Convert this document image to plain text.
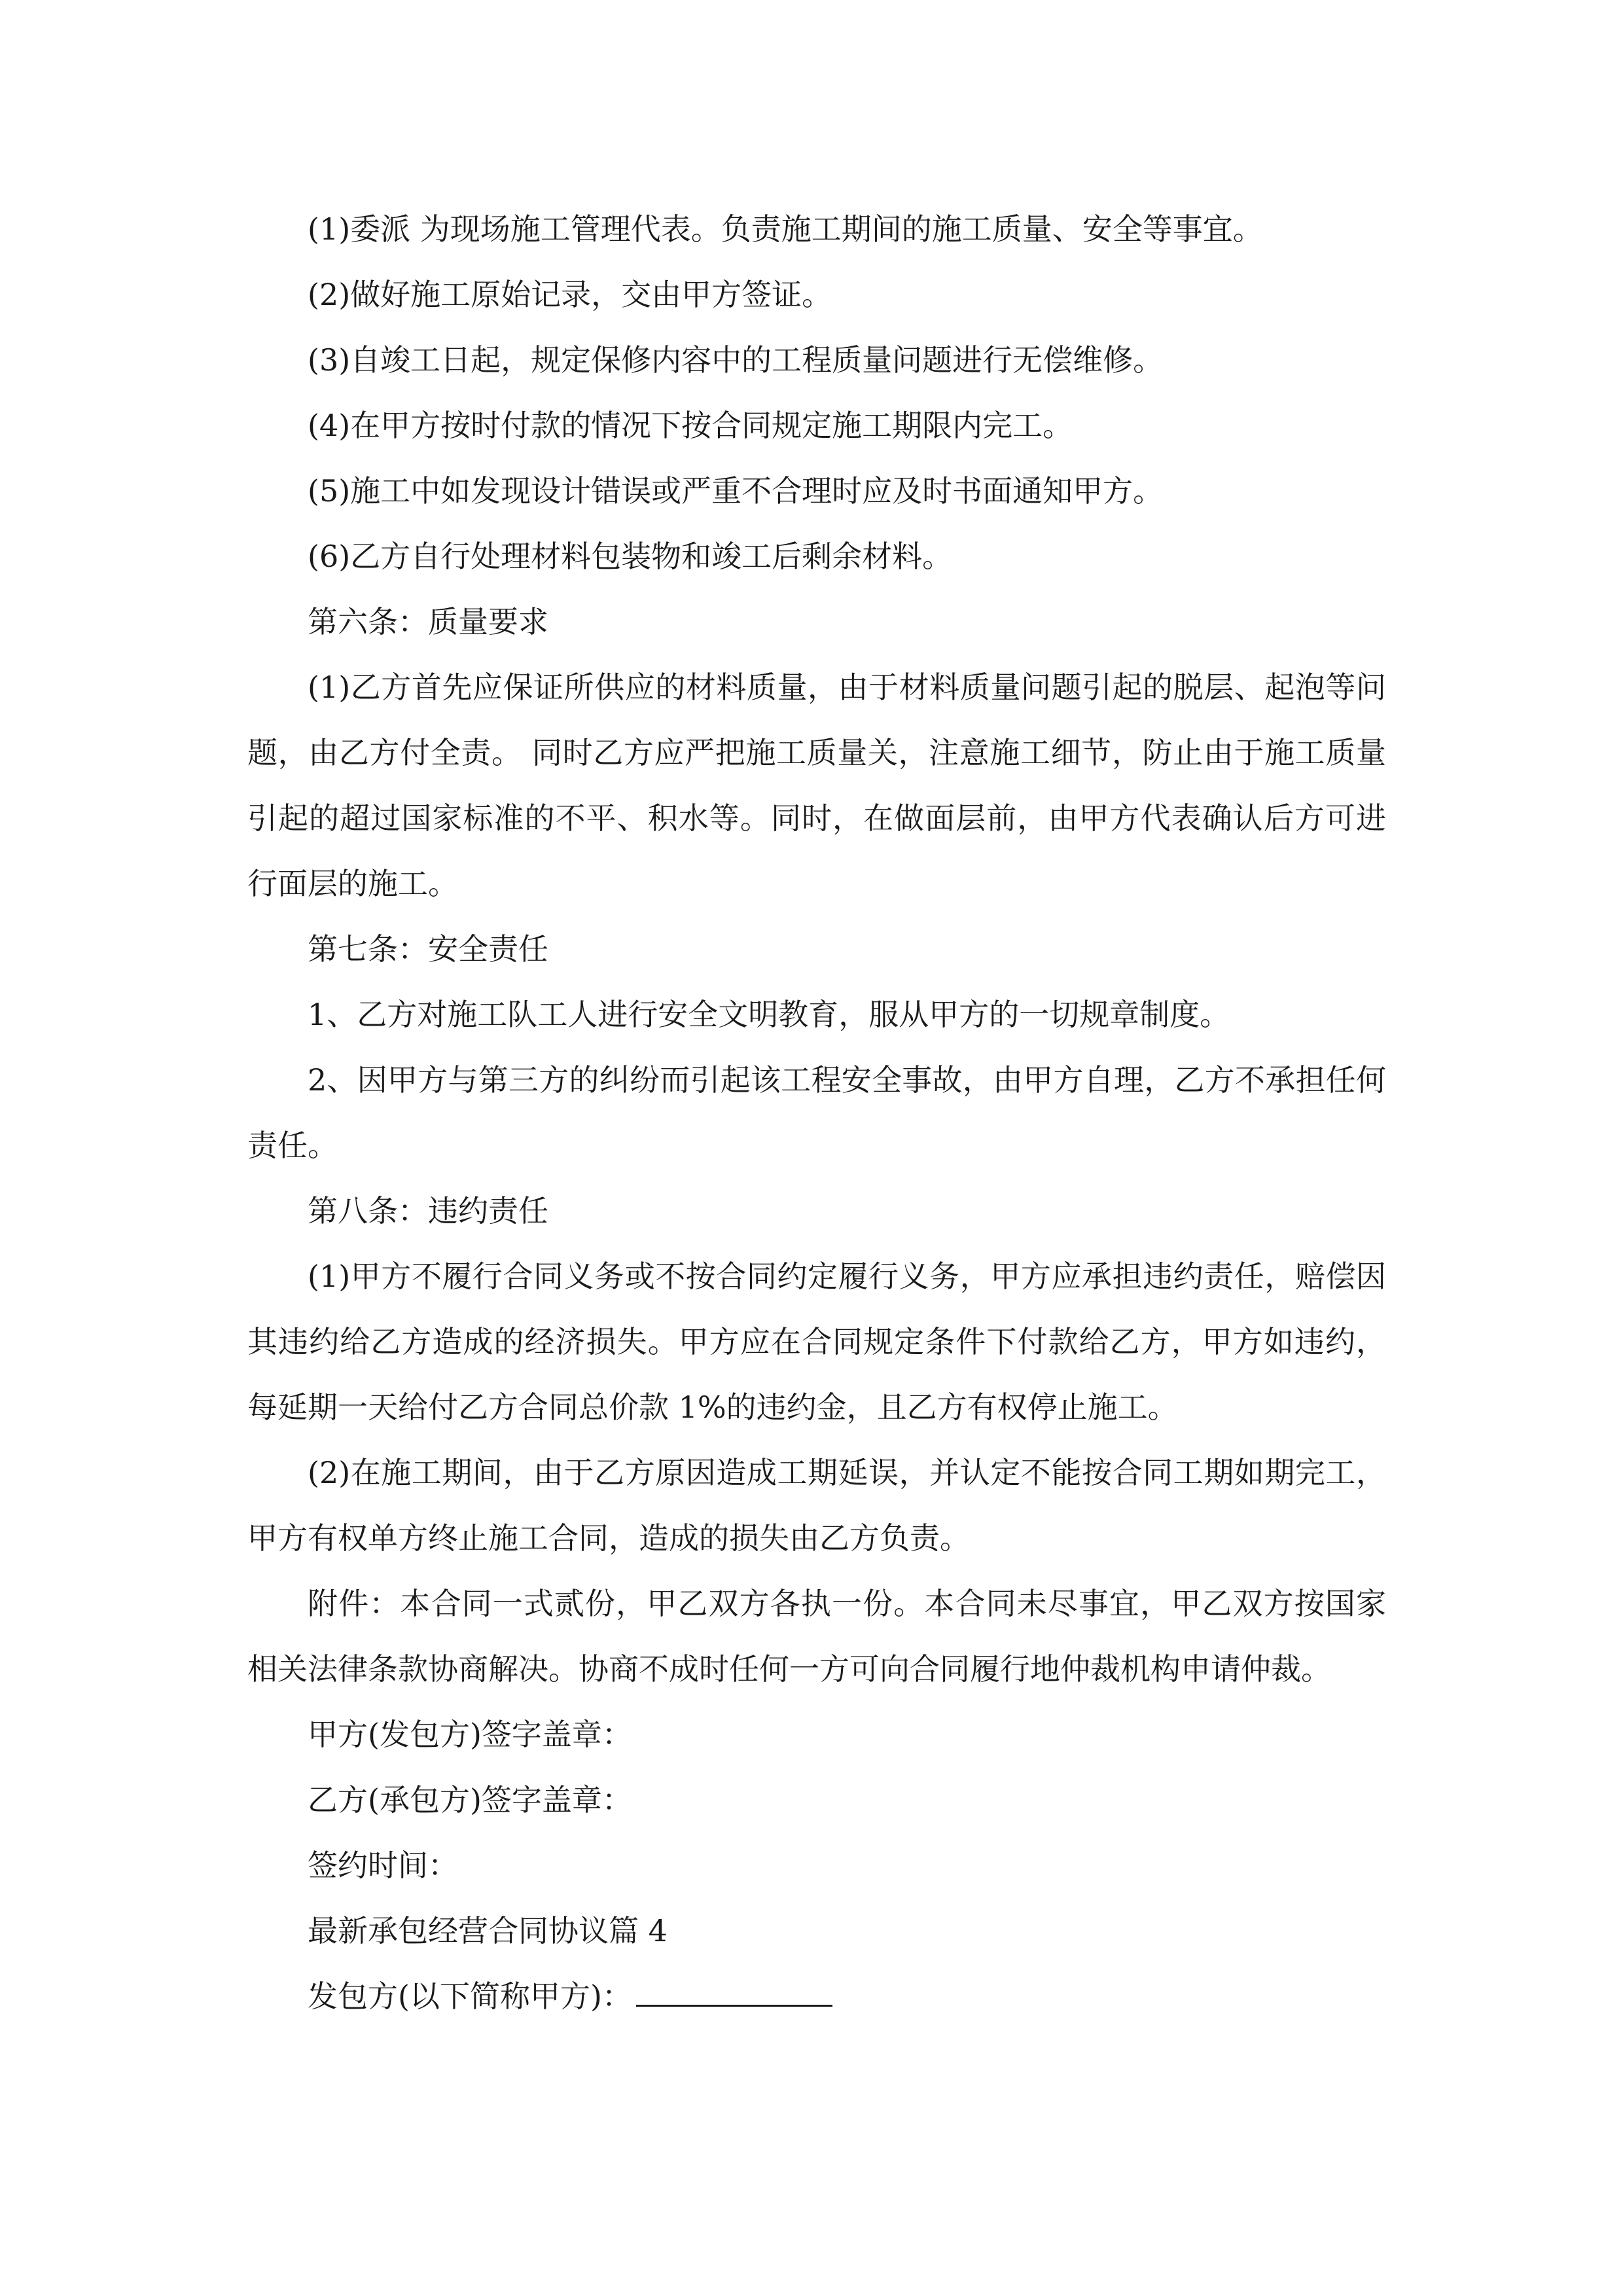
(1)委派 为现场施工管理代表。负责施工期间的施工质量、安全等事宜。

(2)做好施工原始记录，交由甲方签证。

(3)自竣工日起，规定保修内容中的工程质量问题进行无偿维修。

(4)在甲方按时付款的情况下按合同规定施工期限内完工。

(5)施工中如发现设计错误或严重不合理时应及时书面通知甲方。

(6)乙方自行处理材料包装物和竣工后剩余材料。

第六条：质量要求

(1)乙方首先应保证所供应的材料质量，由于材料质量问题引起的脱层、起泡等问题，由乙方付全责。 同时乙方应严把施工质量关，注意施工细节，防止由于施工质量引起的超过国家标准的不平、积水等。同时，在做面层前，由甲方代表确认后方可进行面层的施工。

第七条：安全责任

1、乙方对施工队工人进行安全文明教育，服从甲方的一切规章制度。

2、因甲方与第三方的纠纷而引起该工程安全事故，由甲方自理，乙方不承担任何责任。

第八条：违约责任

(1)甲方不履行合同义务或不按合同约定履行义务，甲方应承担违约责任，赔偿因其违约给乙方造成的经济损失。甲方应在合同规定条件下付款给乙方，甲方如违约，每延期一天给付乙方合同总价款 1%的违约金，且乙方有权停止施工。

(2)在施工期间，由于乙方原因造成工期延误，并认定不能按合同工期如期完工，甲方有权单方终止施工合同，造成的损失由乙方负责。

附件：本合同一式贰份，甲乙双方各执一份。本合同未尽事宜，甲乙双方按国家相关法律条款协商解决。协商不成时任何一方可向合同履行地仲裁机构申请仲裁。

甲方(发包方)签字盖章：

乙方(承包方)签字盖章：

签约时间：

最新承包经营合同协议篇 4

发包方(以下简称甲方)：
